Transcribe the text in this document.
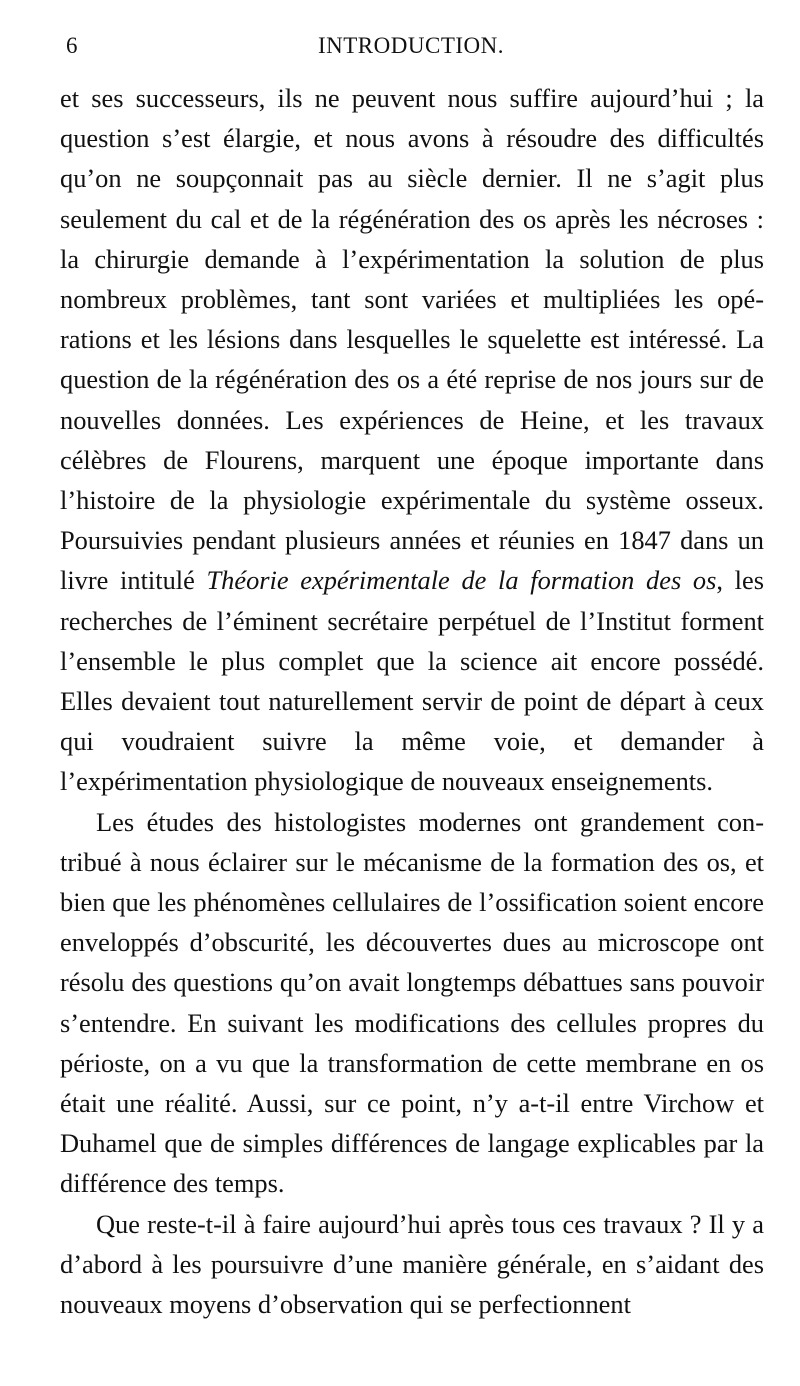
6	INTRODUCTION.

et ses successeurs, ils ne peuvent nous suffire aujourd’hui ; la question s’est élargie, et nous avons à résoudre des difficultés qu’on ne soupçonnait pas au siècle dernier. Il ne s’agit plus seulement du cal et de la régénération des os après les nécroses : la chirurgie demande à l’expérimentation la solution de plus nombreux problèmes, tant sont variées et multipliées les opérations et les lésions dans lesquelles le squelette est intéressé. La question de la régénération des os a été reprise de nos jours sur de nouvelles données. Les expériences de Heine, et les travaux célèbres de Flourens, marquent une époque importante dans l’histoire de la physiologie expérimentale du système osseux. Poursuivies pendant plusieurs années et réunies en 1847 dans un livre intitulé Théorie expérimentale de la formation des os, les recherches de l’éminent secrétaire perpétuel de l’Institut forment l’ensemble le plus complet que la science ait encore possédé. Elles devaient tout naturellement servir de point de départ à ceux qui voudraient suivre la même voie, et demander à l’expérimentation physiologique de nouveaux enseignements.

Les études des histologistes modernes ont grandement contribué à nous éclairer sur le mécanisme de la formation des os, et bien que les phénomènes cellulaires de l’ossification soient encore enveloppés d’obscurité, les découvertes dues au microscope ont résolu des questions qu’on avait longtemps débattues sans pouvoir s’entendre. En suivant les modifications des cellules propres du périoste, on a vu que la transformation de cette membrane en os était une réalité. Aussi, sur ce point, n’y a-t-il entre Virchow et Duhamel que de simples différences de langage explicables par la différence des temps.

Que reste-t-il à faire aujourd’hui après tous ces travaux ? Il y a d’abord à les poursuivre d’une manière générale, en s’aidant des nouveaux moyens d’observation qui se perfectionnent
